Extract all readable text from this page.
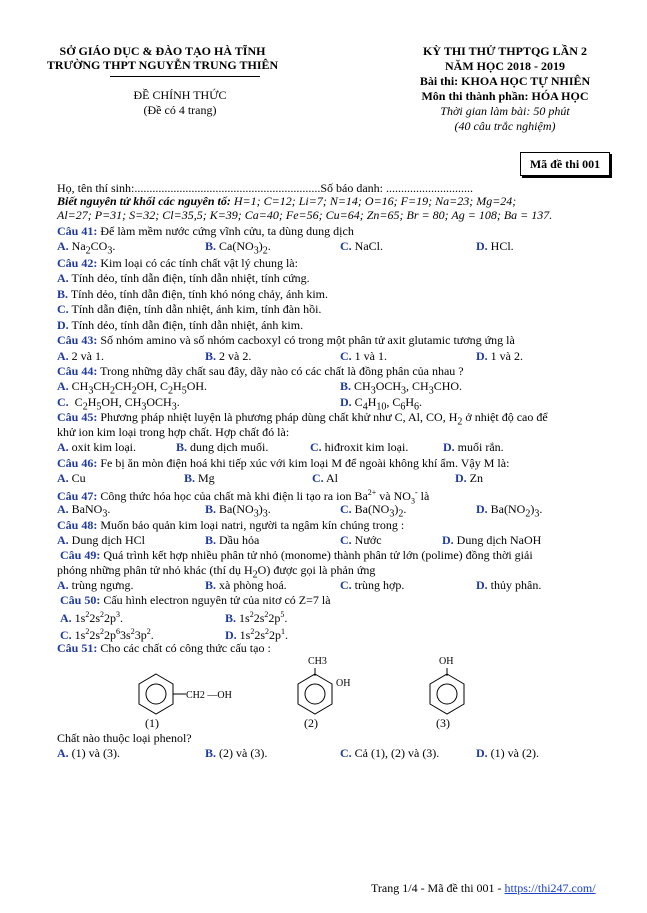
SỞ GIÁO DỤC & ĐÀO TẠO HÀ TĨNH
TRƯỜNG THPT NGUYỄN TRUNG THIÊN
ĐỀ CHÍNH THỨC
(Đề có 4 trang)
KỲ THI THỬ THPTQG LẦN 2
NĂM HỌC 2018 - 2019
Bài thi: KHOA HỌC TỰ NHIÊN
Môn thi thành phần: HÓA HỌC
Thời gian làm bài: 50 phút
(40 câu trắc nghiệm)
Mã đề thi 001
Họ, tên thí sinh:..............................................................Số báo danh: .............................
Biết nguyên tử khối các nguyên tố: H=1; C=12; Li=7; N=14; O=16; F=19; Na=23; Mg=24;
Al=27; P=31; S=32; Cl=35,5; K=39; Ca=40; Fe=56; Cu=64; Zn=65; Br = 80; Ag = 108; Ba = 137.
Câu 41: Để làm mềm nước cứng vĩnh cửu, ta dùng dung dịch
A. $Na_2CO_3$.	B. $Ca(NO_3)_2$.	C. NaCl.	D. HCl.
Câu 42: Kim loại có các tính chất vật lý chung là:
A. Tính dẻo, tính dẫn điện, tính dẫn nhiệt, tính cứng.
B. Tính dẻo, tính dẫn điện, tính khó nóng chảy, ánh kim.
C. Tính dẫn điện, tính dẫn nhiệt, ánh kim, tính đàn hồi.
D. Tính dẻo, tính dẫn điện, tính dẫn nhiệt, ánh kim.
Câu 43: Số nhóm amino và số nhóm cacboxyl có trong một phân tử axit glutamic tương ứng là
A. 2 và 1.	B. 2 và 2.	C. 1 và 1.	D. 1 và 2.
Câu 44: Trong những dãy chất sau đây, dãy nào có các chất là đồng phân của nhau ?
A. $CH_3CH_2CH_2OH$, $C_2H_5OH$.	B. $CH_3OCH_3$, $CH_3CHO$.
C.  $C_2H_5OH$, $CH_3OCH_3$.	D. $C_4H_{10}$, $C_6H_6$.
Câu 45: Phương pháp nhiệt luyện là phương pháp dùng chất khử như C, Al, CO, $H_2$ ở nhiệt độ cao để
khử ion kim loại trong hợp chất. Hợp chất đó là:
A. oxit kim loại.	B. dung dịch muối.	C. hiđroxit kim loại.	D. muối rắn.
Câu 46: Fe bị ăn mòn điện hoá khi tiếp xúc với kim loại M để ngoài không khí ẩm. Vậy M là:
A. Cu	B. Mg	C. Al	D. Zn
Câu 47: Công thức hóa học của chất mà khi điện li tạo ra ion $Ba^{2+}$ và $NO_3^-$ là
A. BaNO$_3$.	B. $Ba(NO_3)_3$.	C. $Ba(NO_3)_2$.	D. $Ba(NO_2)_3$.
Câu 48: Muốn bảo quản kim loại natri, người ta ngâm kín chúng trong :
A. Dung dịch HCl	B. Dầu hỏa	C. Nước	D. Dung dịch NaOH
Câu 49: Quá trình kết hợp nhiều phân tử nhỏ (monome) thành phân tử lớn (polime) đồng thời giải
phóng những phân tử nhỏ khác (thí dụ $H_2O$) được gọi là phản ứng
A. trùng ngưng.	B. xà phòng hoá.	C. trùng hợp.	D. thủy phân.
Câu 50: Cấu hình electron nguyên tử của nitơ có Z=7 là
A. $1s^22s^22p^3$.	B. $1s^22s^22p^5$.
C. $1s^22s^22p^63s^23p^2$.	D. $1s^22s^22p^1$.
Câu 51: Cho các chất có công thức cấu tạo :
CH2 —OH
(1)
CH3
OH
(2)
OH
(3)
Chất nào thuộc loại phenol?
A. (1) và (3).	B. (2) và (3).	C. Cả (1), (2) và (3).	D. (1) và (2).
Trang 1/4 - Mã đề thi 001 - https://thi247.com/
